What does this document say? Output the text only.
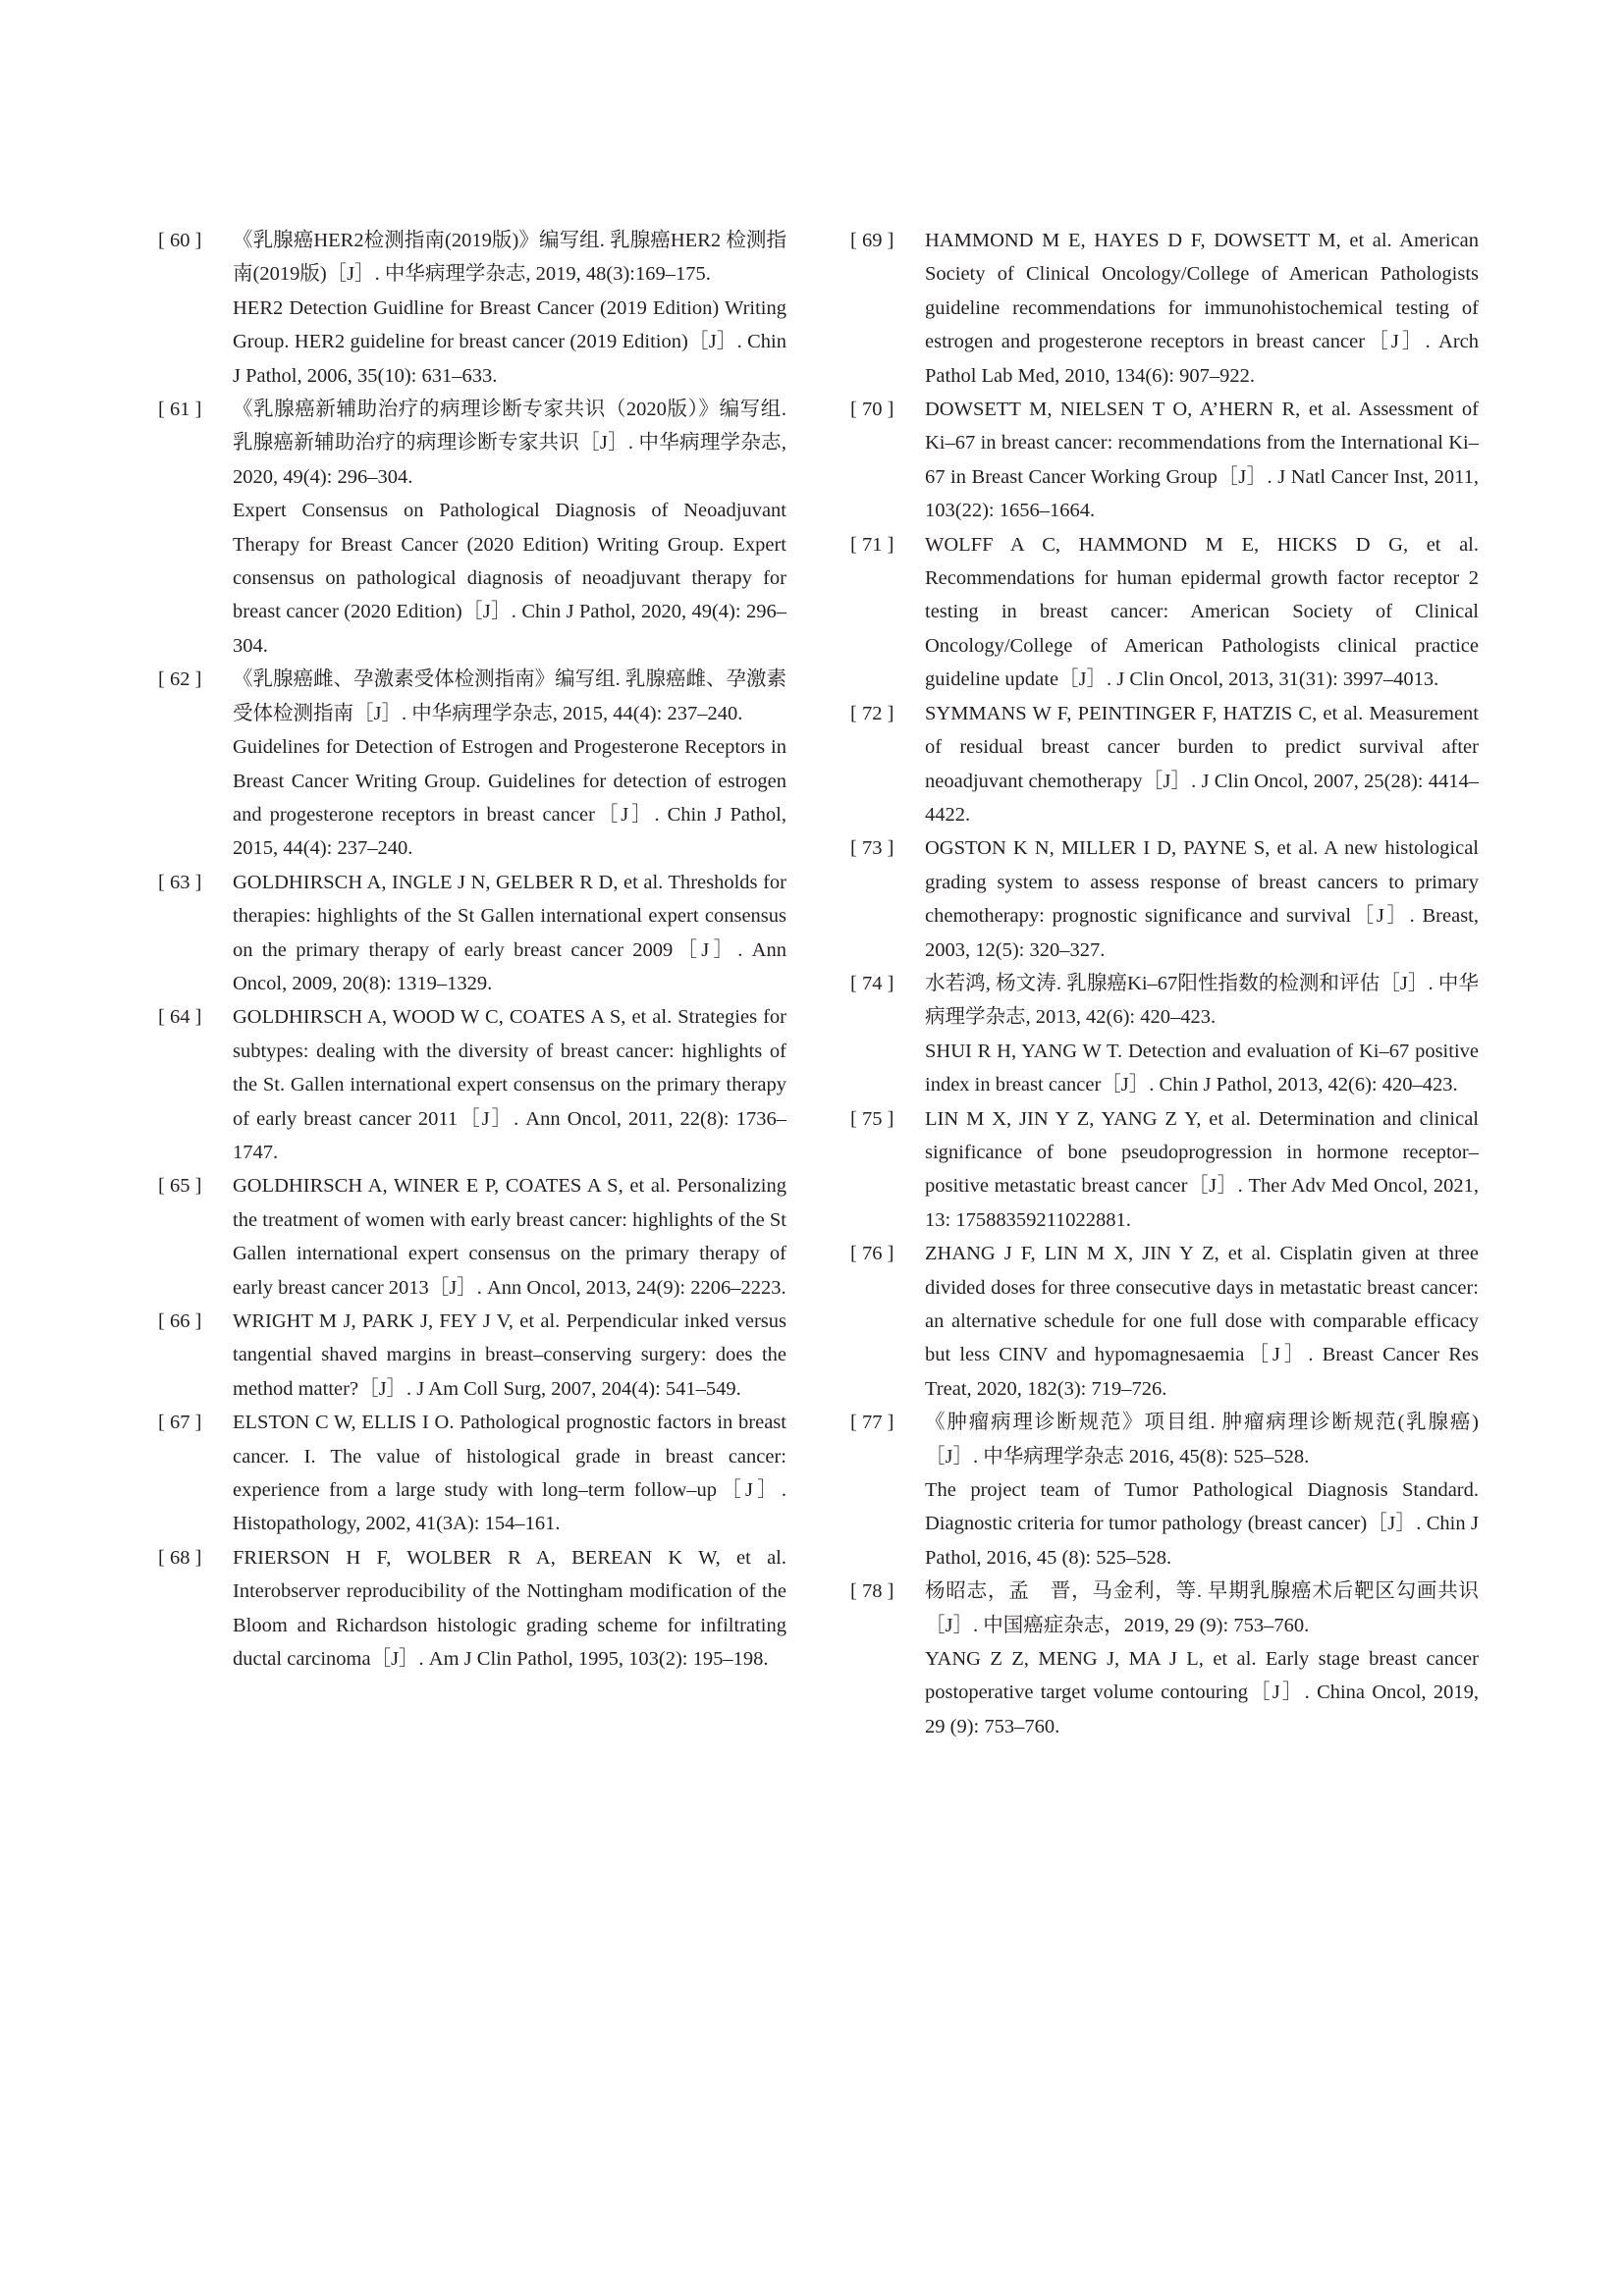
[ 60 ] 《乳腺癌HER2检测指南(2019版)》编写组. 乳腺癌HER2 检测指南(2019版)［J］. 中华病理学杂志, 2019, 48(3):169–175.
HER2 Detection Guidline for Breast Cancer (2019 Edition) Writing Group. HER2 guideline for breast cancer (2019 Edition)［J］. Chin J Pathol, 2006, 35(10): 631–633.
[ 61 ] 《乳腺癌新辅助治疗的病理诊断专家共识（2020版）》编写组. 乳腺癌新辅助治疗的病理诊断专家共识［J］. 中华病理学杂志, 2020, 49(4): 296–304.
Expert Consensus on Pathological Diagnosis of Neoadjuvant Therapy for Breast Cancer (2020 Edition) Writing Group. Expert consensus on pathological diagnosis of neoadjuvant therapy for breast cancer (2020 Edition)［J］. Chin J Pathol, 2020, 49(4): 296–304.
[ 62 ] 《乳腺癌雌、孕激素受体检测指南》编写组. 乳腺癌雌、孕激素受体检测指南［J］. 中华病理学杂志, 2015, 44(4): 237–240.
Guidelines for Detection of Estrogen and Progesterone Receptors in Breast Cancer Writing Group. Guidelines for detection of estrogen and progesterone receptors in breast cancer［J］. Chin J Pathol, 2015, 44(4): 237–240.
[ 63 ] GOLDHIRSCH A, INGLE J N, GELBER R D, et al. Thresholds for therapies: highlights of the St Gallen international expert consensus on the primary therapy of early breast cancer 2009［J］. Ann Oncol, 2009, 20(8): 1319–1329.
[ 64 ] GOLDHIRSCH A, WOOD W C, COATES A S, et al. Strategies for subtypes: dealing with the diversity of breast cancer: highlights of the St. Gallen international expert consensus on the primary therapy of early breast cancer 2011［J］. Ann Oncol, 2011, 22(8): 1736–1747.
[ 65 ] GOLDHIRSCH A, WINER E P, COATES A S, et al. Personalizing the treatment of women with early breast cancer: highlights of the St Gallen international expert consensus on the primary therapy of early breast cancer 2013［J］. Ann Oncol, 2013, 24(9): 2206–2223.
[ 66 ] WRIGHT M J, PARK J, FEY J V, et al. Perpendicular inked versus tangential shaved margins in breast–conserving surgery: does the method matter?［J］. J Am Coll Surg, 2007, 204(4): 541–549.
[ 67 ] ELSTON C W, ELLIS I O. Pathological prognostic factors in breast cancer. I. The value of histological grade in breast cancer: experience from a large study with long–term follow–up［J］. Histopathology, 2002, 41(3A): 154–161.
[ 68 ] FRIERSON H F, WOLBER R A, BEREAN K W, et al. Interobserver reproducibility of the Nottingham modification of the Bloom and Richardson histologic grading scheme for infiltrating ductal carcinoma［J］. Am J Clin Pathol, 1995, 103(2): 195–198.
[ 69 ] HAMMOND M E, HAYES D F, DOWSETT M, et al. American Society of Clinical Oncology/College of American Pathologists guideline recommendations for immunohistochemical testing of estrogen and progesterone receptors in breast cancer［J］. Arch Pathol Lab Med, 2010, 134(6): 907–922.
[ 70 ] DOWSETT M, NIELSEN T O, A’HERN R, et al. Assessment of Ki–67 in breast cancer: recommendations from the International Ki–67 in Breast Cancer Working Group［J］. J Natl Cancer Inst, 2011, 103(22): 1656–1664.
[ 71 ] WOLFF A C, HAMMOND M E, HICKS D G, et al. Recommendations for human epidermal growth factor receptor 2 testing in breast cancer: American Society of Clinical Oncology/College of American Pathologists clinical practice guideline update［J］. J Clin Oncol, 2013, 31(31): 3997–4013.
[ 72 ] SYMMANS W F, PEINTINGER F, HATZIS C, et al. Measurement of residual breast cancer burden to predict survival after neoadjuvant chemotherapy［J］. J Clin Oncol, 2007, 25(28): 4414–4422.
[ 73 ] OGSTON K N, MILLER I D, PAYNE S, et al. A new histological grading system to assess response of breast cancers to primary chemotherapy: prognostic significance and survival［J］. Breast, 2003, 12(5): 320–327.
[ 74 ] 水若鸿, 杨文涛. 乳腺癌Ki–67阳性指数的检测和评估［J］. 中华病理学杂志, 2013, 42(6): 420–423.
SHUI R H, YANG W T. Detection and evaluation of Ki–67 positive index in breast cancer［J］. Chin J Pathol, 2013, 42(6): 420–423.
[ 75 ] LIN M X, JIN Y Z, YANG Z Y, et al. Determination and clinical significance of bone pseudoprogression in hormone receptor–positive metastatic breast cancer［J］. Ther Adv Med Oncol, 2021, 13: 17588359211022881.
[ 76 ] ZHANG J F, LIN M X, JIN Y Z, et al. Cisplatin given at three divided doses for three consecutive days in metastatic breast cancer: an alternative schedule for one full dose with comparable efficacy but less CINV and hypomagnesaemia［J］. Breast Cancer Res Treat, 2020, 182(3): 719–726.
[ 77 ] 《肿瘤病理诊断规范》项目组. 肿瘤病理诊断规范(乳腺癌)［J］. 中华病理学杂志 2016, 45(8): 525–528.
The project team of Tumor Pathological Diagnosis Standard. Diagnostic criteria for tumor pathology (breast cancer)［J］. Chin J Pathol, 2016, 45 (8): 525–528.
[ 78 ] 杨昭志，孟　晋，马金利，等. 早期乳腺癌术后靶区勾画共识［J］. 中国癌症杂志，2019, 29 (9): 753–760.
YANG Z Z, MENG J, MA J L, et al. Early stage breast cancer postoperative target volume contouring［J］. China Oncol, 2019, 29 (9): 753–760.
